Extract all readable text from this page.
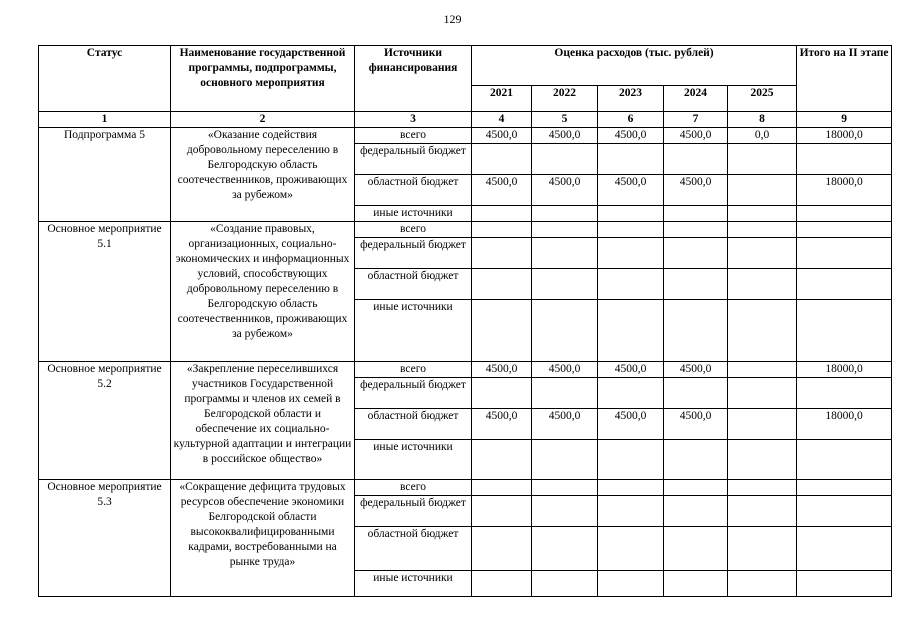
129
Статус	Наименование государственной программы, подпрограммы, основного мероприятия	Источники финансирования	Оценка расходов (тыс. рублей)					Итого на II этапе
			2021	2022	2023	2024	2025	
1	2	3	4	5	6	7	8	9
Подпрограмма 5	«Оказание содействия добровольному переселению в Белгородскую область соотечественников, проживающих за рубежом»	всего	4500,0	4500,0	4500,0	4500,0	0,0	18000,0
		федеральный бюджет						
		областной бюджет	4500,0	4500,0	4500,0	4500,0		18000,0
		иные источники						
Основное мероприятие 5.1	«Создание правовых, организационных, социально-экономических и информационных условий, способствующих добровольному переселению в Белгородскую область соотечественников, проживающих за рубежом»	всего						
		федеральный бюджет						
		областной бюджет						
		иные источники						
Основное мероприятие 5.2	«Закрепление переселившихся участников Государственной программы и членов их семей в Белгородской области и обеспечение их социально-культурной адаптации и интеграции в российское общество»	всего	4500,0	4500,0	4500,0	4500,0		18000,0
		федеральный бюджет						
		областной бюджет	4500,0	4500,0	4500,0	4500,0		18000,0
		иные источники						
Основное мероприятие 5.3	«Сокращение дефицита трудовых ресурсов обеспечение экономики Белгородской области высококвалифицированными кадрами, востребованными на рынке труда»	всего						
		федеральный бюджет						
		областной бюджет						
		иные источники						
